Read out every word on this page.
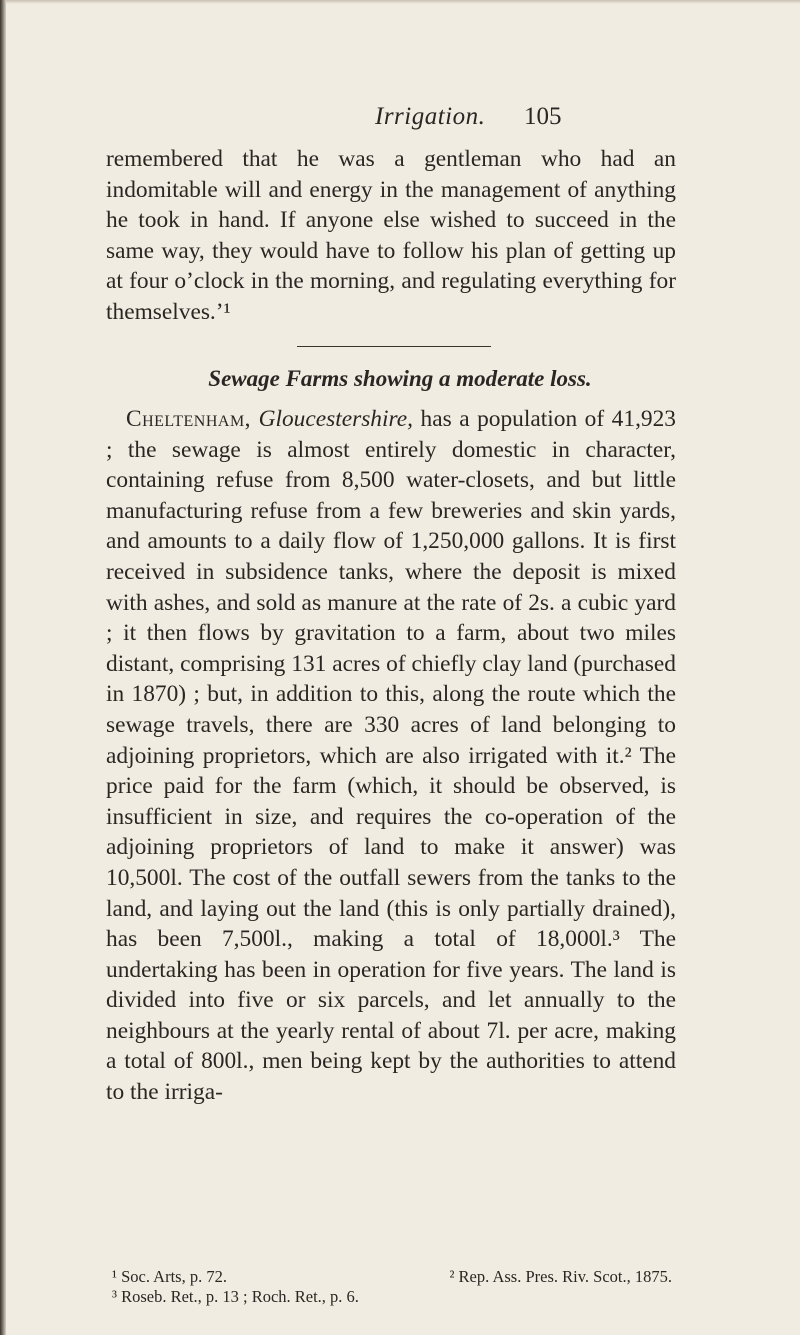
Irrigation. 105

remembered that he was a gentleman who had an indomitable will and energy in the management of anything he took in hand. If anyone else wished to succeed in the same way, they would have to follow his plan of getting up at four o’clock in the morning, and regulating everything for themselves.’¹

Sewage Farms showing a moderate loss.

Cheltenham, Gloucestershire, has a population of 41,923 ; the sewage is almost entirely domestic in character, containing refuse from 8,500 water-closets, and but little manufacturing refuse from a few breweries and skin yards, and amounts to a daily flow of 1,250,000 gallons. It is first received in subsidence tanks, where the deposit is mixed with ashes, and sold as manure at the rate of 2s. a cubic yard ; it then flows by gravitation to a farm, about two miles distant, comprising 131 acres of chiefly clay land (purchased in 1870) ; but, in addition to this, along the route which the sewage travels, there are 330 acres of land belonging to adjoining proprietors, which are also irrigated with it.² The price paid for the farm (which, it should be observed, is insufficient in size, and requires the co-operation of the adjoining proprietors of land to make it answer) was 10,500l. The cost of the outfall sewers from the tanks to the land, and laying out the land (this is only partially drained), has been 7,500l., making a total of 18,000l.³ The undertaking has been in operation for five years. The land is divided into five or six parcels, and let annually to the neighbours at the yearly rental of about 7l. per acre, making a total of 800l., men being kept by the authorities to attend to the irriga-

¹ Soc. Arts, p. 72.	² Rep. Ass. Pres. Riv. Scot., 1875.
³ Roseb. Ret., p. 13 ; Roch. Ret., p. 6.
